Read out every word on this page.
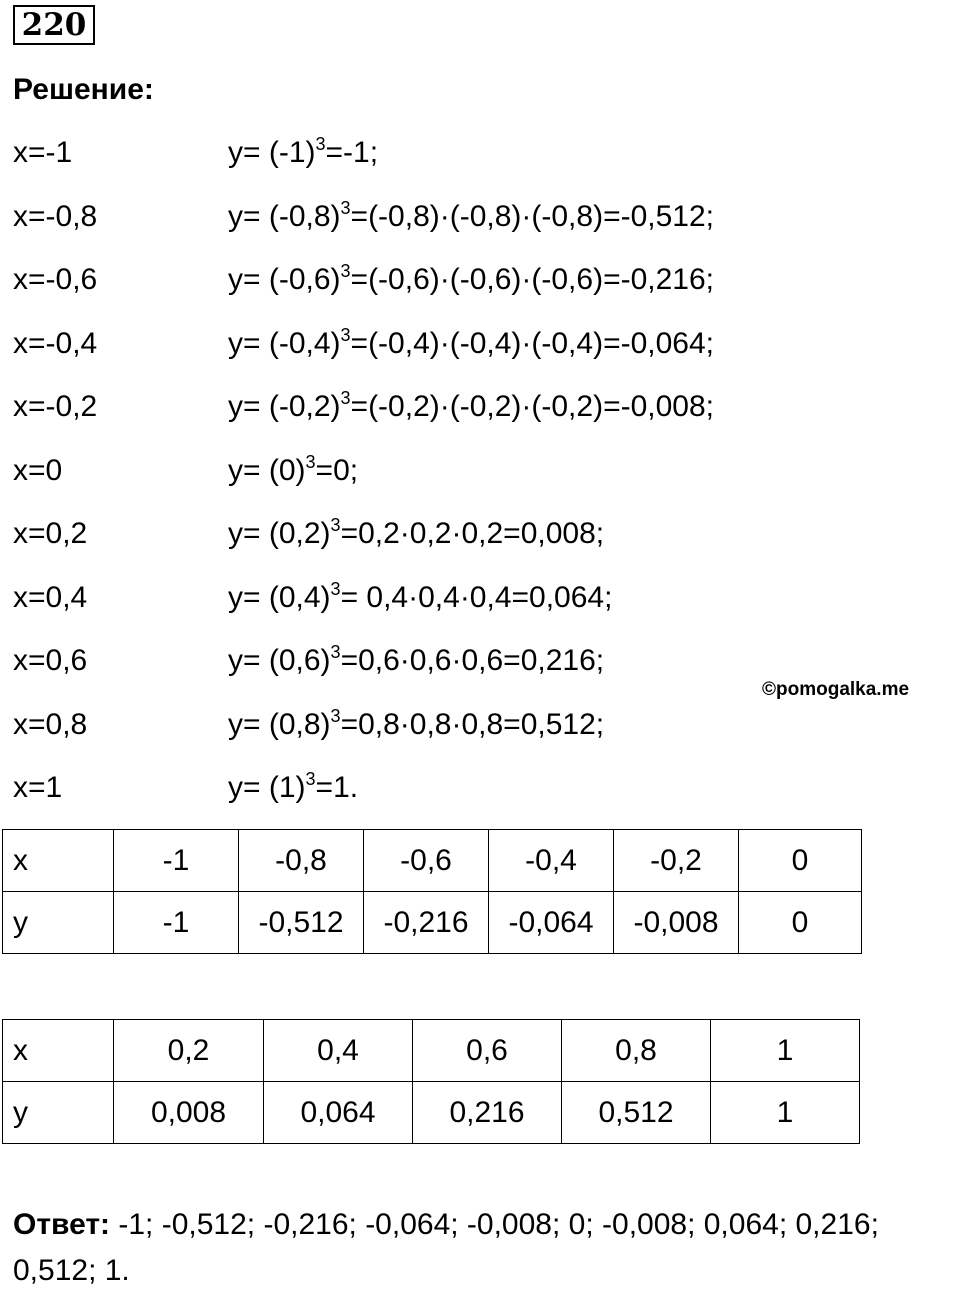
220
Решение:
x=-1	$y= (-1)^3=-1$;
x=-0,8	$y= (-0,8)^3=(-0,8)\cdot(-0,8)\cdot(-0,8)=-0,512$;
x=-0,6	$y= (-0,6)^3=(-0,6)\cdot(-0,6)\cdot(-0,6)=-0,216$;
x=-0,4	$y= (-0,4)^3=(-0,4)\cdot(-0,4)\cdot(-0,4)=-0,064$;
x=-0,2	$y= (-0,2)^3=(-0,2)\cdot(-0,2)\cdot(-0,2)=-0,008$;
x=0	$y= (0)^3=0$;
x=0,2	$y= (0,2)^3=0,2\cdot 0,2\cdot 0,2=0,008$;
x=0,4	$y= (0,4)^3= 0,4\cdot 0,4\cdot 0,4=0,064$;
x=0,6	$y= (0,6)^3=0,6\cdot 0,6\cdot 0,6=0,216$;
x=0,8	$y= (0,8)^3=0,8\cdot 0,8\cdot 0,8=0,512$;
x=1	$y= (1)^3=1$.
©pomogalka.me
x	-1	-0,8	-0,6	-0,4	-0,2	0
y	-1	-0,512	-0,216	-0,064	-0,008	0
x	0,2	0,4	0,6	0,8	1
y	0,008	0,064	0,216	0,512	1
Ответ: -1; -0,512; -0,216; -0,064; -0,008; 0; -0,008; 0,064; 0,216; 0,512; 1.
